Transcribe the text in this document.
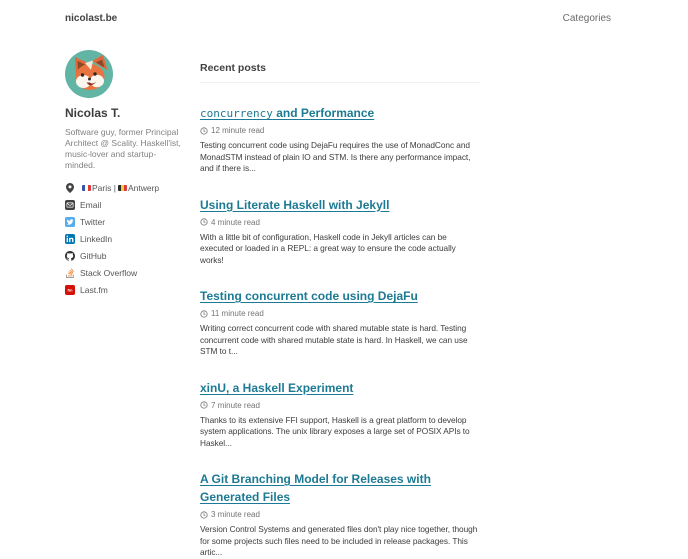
nicolast.be	Categories
Nicolas T.
Software guy, former Principal Architect @ Scality. Haskell'ist, music-lover and startup-minded.
Paris | Antwerp
Email
Twitter
LinkedIn
GitHub
Stack Overflow
fm Last.fm
Recent posts
concurrency and Performance
12 minute read
Testing concurrent code using DejaFu requires the use of MonadConc and MonadSTM instead of plain IO and STM. Is there any performance impact, and if there is...
Using Literate Haskell with Jekyll
4 minute read
With a little bit of configuration, Haskell code in Jekyll articles can be executed or loaded in a REPL: a great way to ensure the code actually works!
Testing concurrent code using DejaFu
11 minute read
Writing correct concurrent code with shared mutable state is hard. Testing concurrent code with shared mutable state is hard. In Haskell, we can use STM to t...
xinU, a Haskell Experiment
7 minute read
Thanks to its extensive FFI support, Haskell is a great platform to develop system applications. The unix library exposes a large set of POSIX APIs to Haskel...
A Git Branching Model for Releases with Generated Files
3 minute read
Version Control Systems and generated files don't play nice together, though for some projects such files need to be included in release packages. This artic...
